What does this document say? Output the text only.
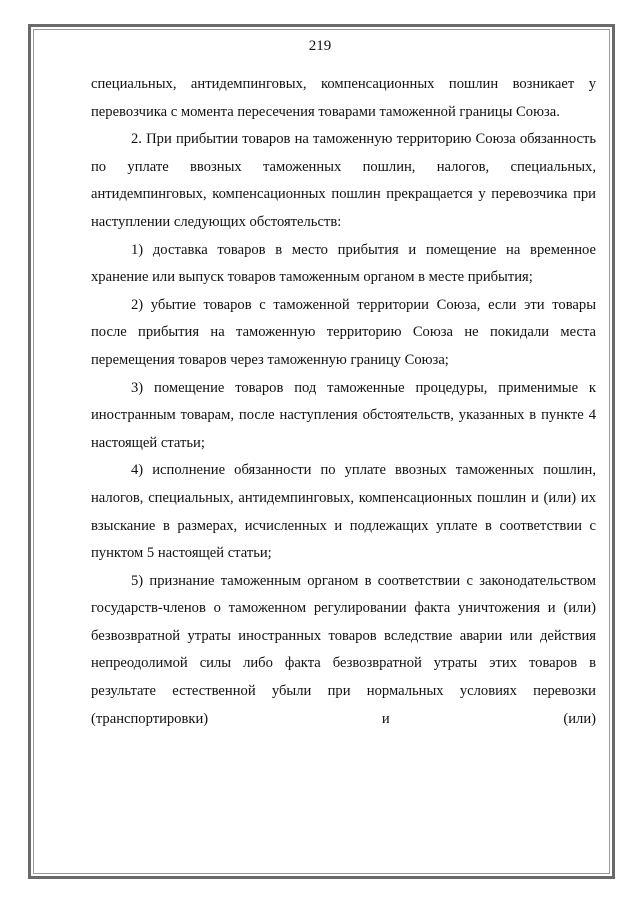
219

специальных, антидемпинговых, компенсационных пошлин возникает у перевозчика с момента пересечения товарами таможенной границы Союза.

2. При прибытии товаров на таможенную территорию Союза обязанность по уплате ввозных таможенных пошлин, налогов, специальных, антидемпинговых, компенсационных пошлин прекращается у перевозчика при наступлении следующих обстоятельств:

1) доставка товаров в место прибытия и помещение на временное хранение или выпуск товаров таможенным органом в месте прибытия;

2) убытие товаров с таможенной территории Союза, если эти товары после прибытия на таможенную территорию Союза не покидали места перемещения товаров через таможенную границу Союза;

3) помещение товаров под таможенные процедуры, применимые к иностранным товарам, после наступления обстоятельств, указанных в пункте 4 настоящей статьи;

4) исполнение обязанности по уплате ввозных таможенных пошлин, налогов, специальных, антидемпинговых, компенсационных пошлин и (или) их взыскание в размерах, исчисленных и подлежащих уплате в соответствии с пунктом 5 настоящей статьи;

5) признание таможенным органом в соответствии с законодательством государств-членов о таможенном регулировании факта уничтожения и (или) безвозвратной утраты иностранных товаров вследствие аварии или действия непреодолимой силы либо факта безвозвратной утраты этих товаров в результате естественной убыли при нормальных условиях перевозки (транспортировки) и (или)
